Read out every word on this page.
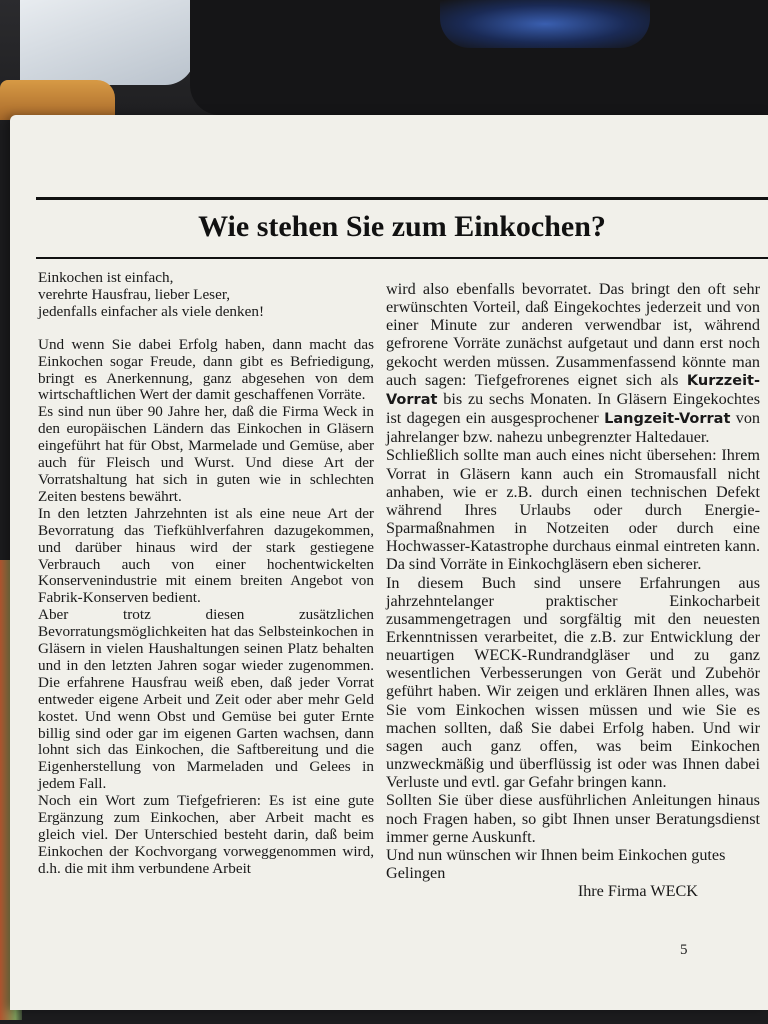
Wie stehen Sie zum Einkochen?

Einkochen ist einfach,

verehrte Hausfrau, lieber Leser,

jedenfalls einfacher als viele denken!

Und wenn Sie dabei Erfolg haben, dann macht das Einkochen sogar Freude, dann gibt es Befriedigung, bringt es Anerkennung, ganz abgesehen von dem wirtschaftlichen Wert der damit geschaffenen Vorräte.

Es sind nun über 90 Jahre her, daß die Firma Weck in den europäischen Ländern das Einkochen in Gläsern eingeführt hat für Obst, Marmelade und Gemüse, aber auch für Fleisch und Wurst. Und diese Art der Vorratshaltung hat sich in guten wie in schlechten Zeiten bestens bewährt.

In den letzten Jahrzehnten ist als eine neue Art der Bevorratung das Tiefkühlverfahren dazugekommen, und darüber hinaus wird der stark gestiegene Verbrauch auch von einer hochentwickelten Konservenindustrie mit einem breiten Angebot von Fabrik-Konserven bedient.

Aber trotz diesen zusätzlichen Bevorratungsmöglichkeiten hat das Selbsteinkochen in Gläsern in vielen Haushaltungen seinen Platz behalten und in den letzten Jahren sogar wieder zugenommen. Die erfahrene Hausfrau weiß eben, daß jeder Vorrat entweder eigene Arbeit und Zeit oder aber mehr Geld kostet. Und wenn Obst und Gemüse bei guter Ernte billig sind oder gar im eigenen Garten wachsen, dann lohnt sich das Einkochen, die Saftbereitung und die Eigenherstellung von Marmeladen und Gelees in jedem Fall.

Noch ein Wort zum Tiefgefrieren: Es ist eine gute Ergänzung zum Einkochen, aber Arbeit macht es gleich viel. Der Unterschied besteht darin, daß beim Einkochen der Kochvorgang vorweggenommen wird, d.h. die mit ihm verbundene Arbeit

wird also ebenfalls bevorratet. Das bringt den oft sehr erwünschten Vorteil, daß Eingekochtes jederzeit und von einer Minute zur anderen verwendbar ist, während gefrorene Vorräte zunächst aufgetaut und dann erst noch gekocht werden müssen. Zusammenfassend könnte man auch sagen: Tiefgefrorenes eignet sich als Kurzzeit-Vorrat bis zu sechs Monaten. In Gläsern Eingekochtes ist dagegen ein ausgesprochener Langzeit-Vorrat von jahrelanger bzw. nahezu unbegrenzter Haltedauer.

Schließlich sollte man auch eines nicht übersehen: Ihrem Vorrat in Gläsern kann auch ein Stromausfall nicht anhaben, wie er z.B. durch einen technischen Defekt während Ihres Urlaubs oder durch Energie-Sparmaßnahmen in Notzeiten oder durch eine Hochwasser-Katastrophe durchaus einmal eintreten kann. Da sind Vorräte in Einkochgläsern eben sicherer.

In diesem Buch sind unsere Erfahrungen aus jahrzehntelanger praktischer Einkocharbeit zusammengetragen und sorgfältig mit den neuesten Erkenntnissen verarbeitet, die z.B. zur Entwicklung der neuartigen WECK-Rundrandgläser und zu ganz wesentlichen Verbesserungen von Gerät und Zubehör geführt haben. Wir zeigen und erklären Ihnen alles, was Sie vom Einkochen wissen müssen und wie Sie es machen sollten, daß Sie dabei Erfolg haben. Und wir sagen auch ganz offen, was beim Einkochen unzweckmäßig und überflüssig ist oder was Ihnen dabei Verluste und evtl. gar Gefahr bringen kann.

Sollten Sie über diese ausführlichen Anleitungen hinaus noch Fragen haben, so gibt Ihnen unser Beratungsdienst immer gerne Auskunft.

Und nun wünschen wir Ihnen beim Einkochen gutes Gelingen

Ihre Firma WECK

5
